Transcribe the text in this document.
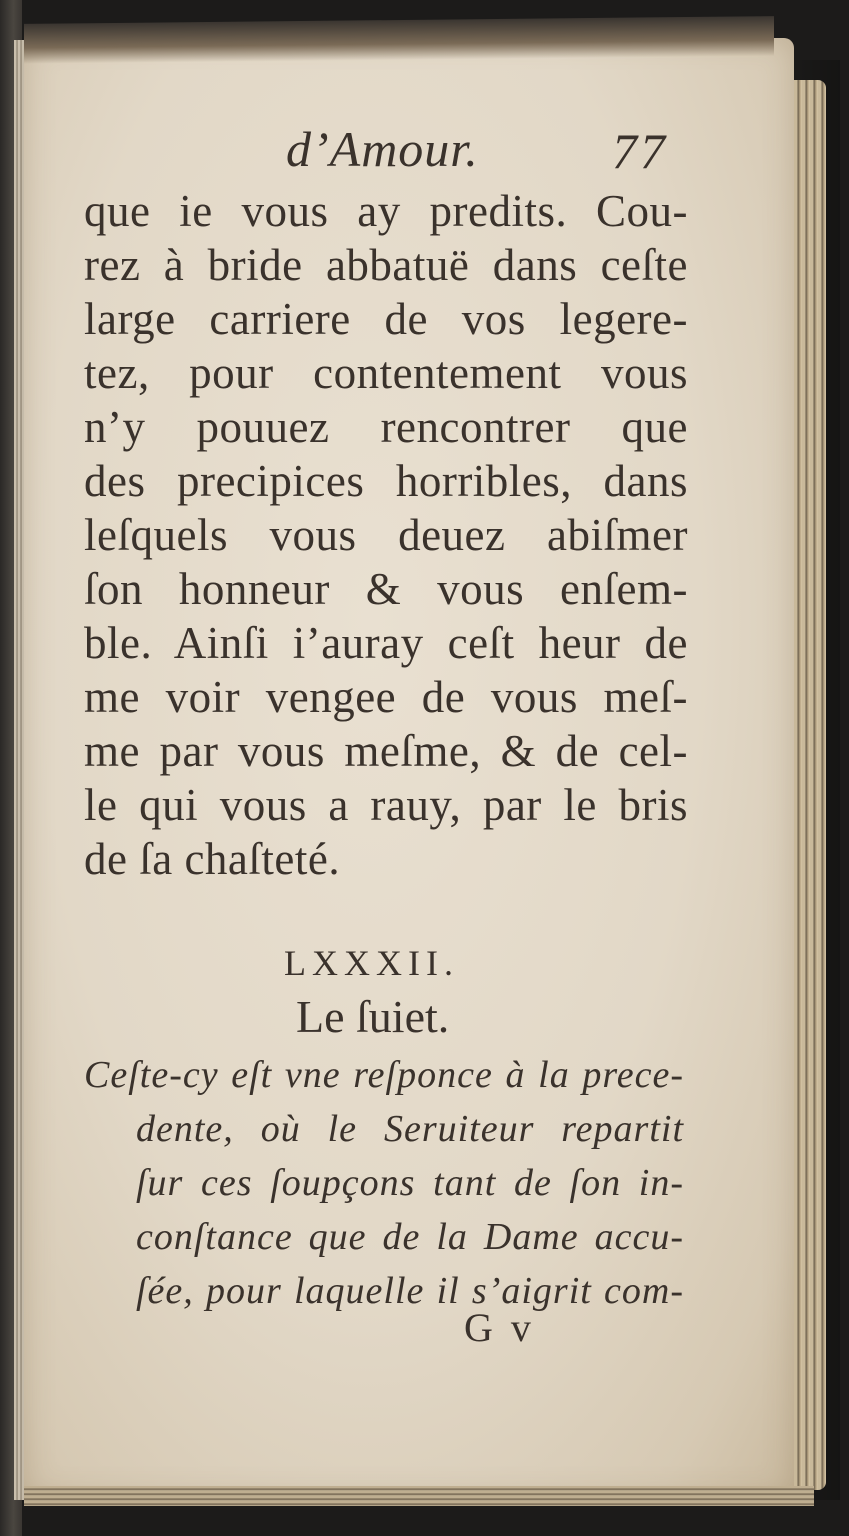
d’Amour.	77
que ie vous ay predits. Cou-
rez à bride abbatuë dans ceſte
large carriere de vos legere-
tez, pour contentement vous
n’y pouuez rencontrer que
des precipices horribles, dans
leſquels vous deuez abiſmer
ſon honneur & vous enſem-
ble. Ainſi i’auray ceſt heur de
me voir vengee de vous meſ-
me par vous meſme, & de cel-
le qui vous a rauy, par le bris
de ſa chaſteté.
LXXXII.
Le ſuiet.
Ceſte-cy eſt vne reſponce à la prece-
dente, où le Seruiteur repartit
ſur ces ſoupçons tant de ſon in-
conſtance que de la Dame accu-
ſée, pour laquelle il s’aigrit com-
G v
